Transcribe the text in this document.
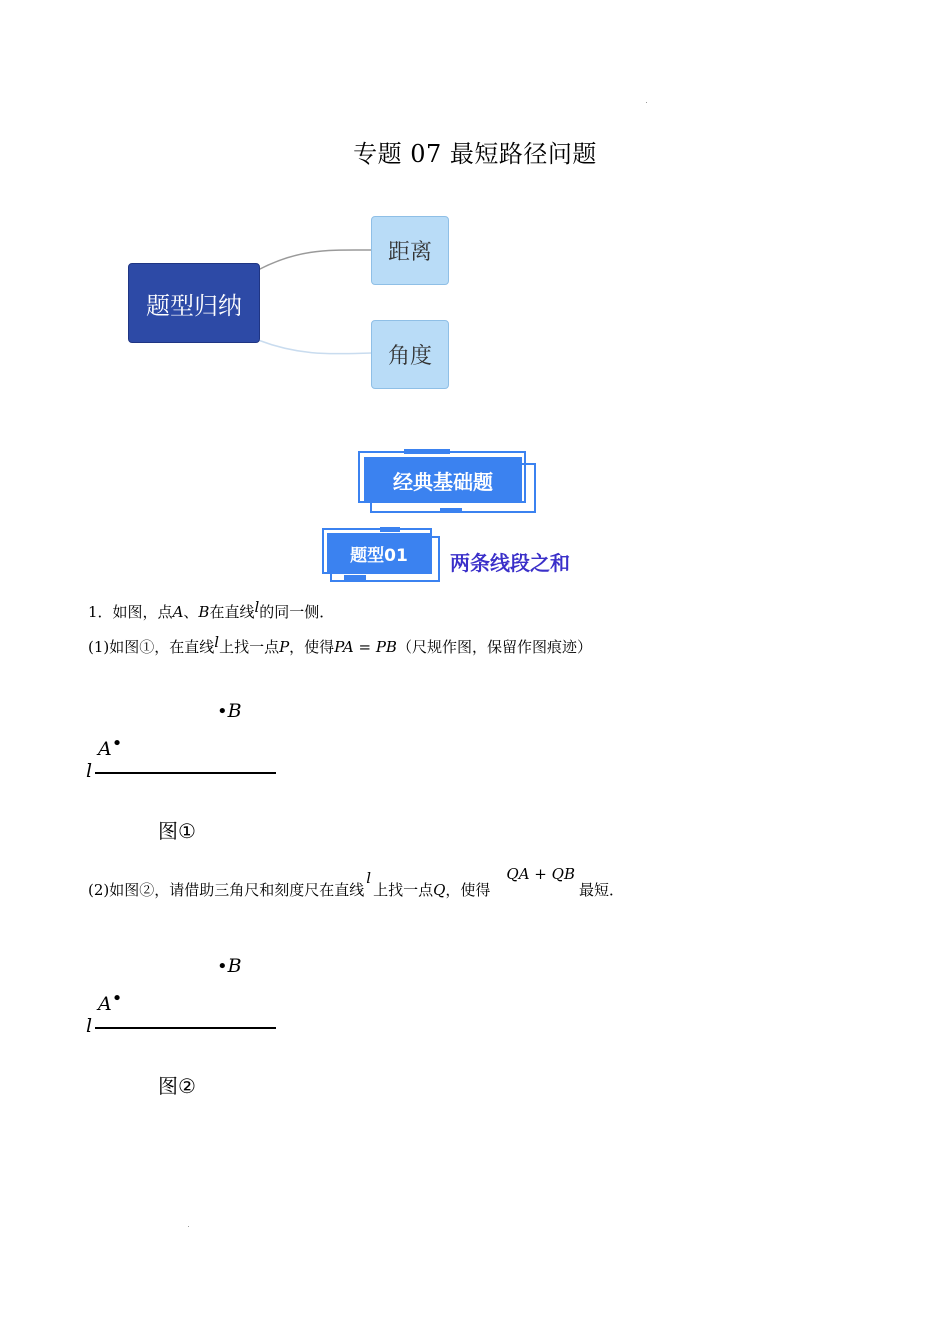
专题 07 最短路径问题
题型归纳
距离
角度
经典基础题
题型01	两条线段之和
1．如图，点A、B在直线l的同一侧．
(1)如图①，在直线l上找一点P，使得PA = PB（尺规作图，保留作图痕迹）
•B
A•
l
图①
(2)如图②，请借助三角尺和刻度尺在直线l上找一点Q，使得QA + QB最短．
•B
A•
l
图②
